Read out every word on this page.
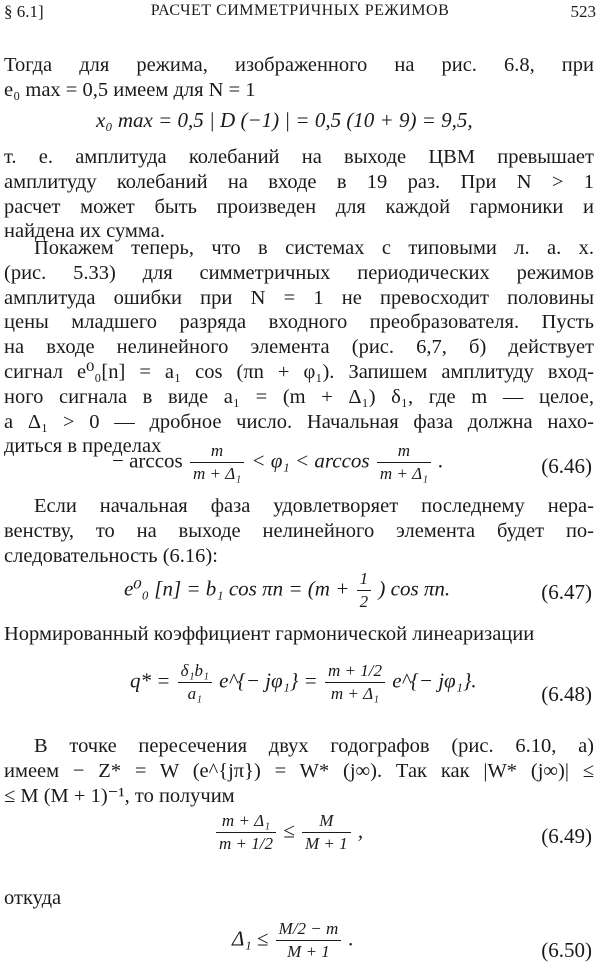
§ 6.1]	РАСЧЕТ СИММЕТРИЧНЫХ РЕЖИМОВ	523
Тогда для режима, изображенного на рис. 6.8, при
e₀ max = 0,5 имеем для N = 1
x₀ max = 0,5 | D (−1) | = 0,5 (10 + 9) = 9,5,
т. е. амплитуда колебаний на выходе ЦВМ превышает
амплитуду колебаний на входе в 19 раз. При N > 1
расчет может быть произведен для каждой гармоники и
найдена их сумма.
Покажем теперь, что в системах с типовыми л. а. х.
(рис. 5.33) для симметричных периодических режимов
амплитуда ошибки при N = 1 не превосходит половины
цены младшего разряда входного преобразователя. Пусть
на входе нелинейного элемента (рис. 6,7, б) действует
сигнал e⁰₀[n] = a₁ cos (πn + φ₁). Запишем амплитуду вход-
ного сигнала в виде a₁ = (m + Δ₁) δ₁, где m — целое,
а Δ₁ > 0 — дробное число. Начальная фаза должна нахо-
диться в пределах
− $\arccos \frac{m}{\text{m + Δ₁}} < \varphi_1 < \arccos \frac{m}{\text{m + Δ₁}}$ .	(6.46)
Если начальная фаза удовлетворяет последнему нера-
венству, то на выходе нелинейного элемента будет по-
следовательность (6.16):
e⁰₀ [n] = b₁ $\cos \pi n = (m + \frac{1}{2}$ ) cos πn.	(6.47)
Нормированный коэффициент гармонической линеаризации
$q* = \frac{\text{δ₁b₁}}{\text{a₁}}$ e^{− $j\varphi_1\} = \frac{m + 1/2}{\text{m + Δ₁}}$ e^{− jφ₁}.
(6.48)
В точке пересечения двух годографов (рис. 6.10, а)
имеем − Z* = W (e^{jπ}) = W* (j∞). Так как |W* (j∞)| ≤
≤ M (M + 1)⁻¹, то получим
$\frac{\text{m + Δ₁}}{m + 1/2} \le \frac{M}{M + 1}$ ,	(6.49)
откуда
$\Delta_1 \le \frac{M/2 - m}{M + 1}$ .	(6.50)
